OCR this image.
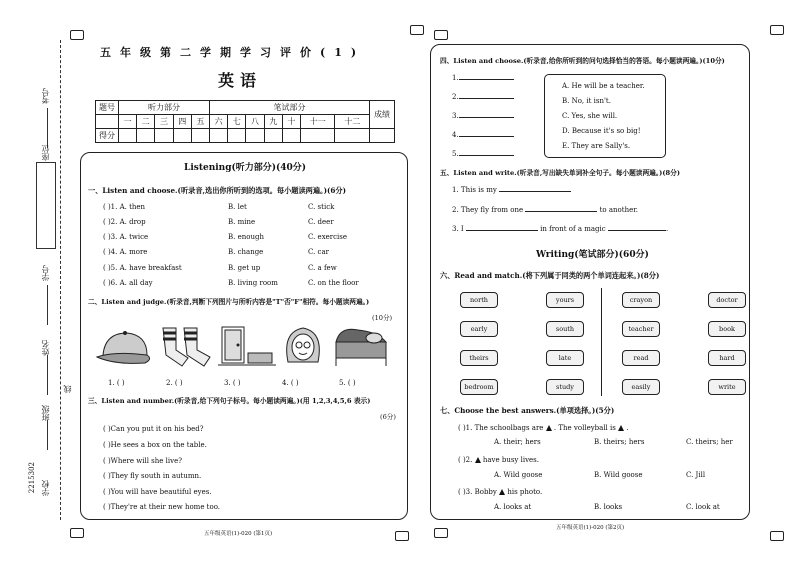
考号
座位
学号
姓名
班级
学校
线
2215302
五年级第二学期学习评价(1)
英语
题号	听力部分					笔试部分							成绩
	一	二	三	四	五	六	七	八	九	十	十一	十二	
得分													
Listening(听力部分)(40分)
一、Listen and choose.(听录音,选出你所听到的选项。每小题读两遍。)(6分)
( )1. A. then	B. let	C. stick
( )2. A. drop	B. mine	C. deer
( )3. A. twice	B. enough	C. exercise
( )4. A. more	B. change	C. car
( )5. A. have breakfast	B. get up	C. a few
( )6. A. all day	B. living room	C. on the floor
二、Listen and judge.(听录音,判断下列图片与所听内容是"T"否"F"相符。每小题读两遍。)
(10分)
1. ( )	2. ( )	3. ( )	4. ( )	5. ( )
三、Listen and number.(听录音,给下列句子标号。每小题读两遍。)(用 1,2,3,4,5,6 表示)
(6分)
( )Can you put it on his bed?
( )He sees a box on the table.
( )Where will she live?
( )They fly south in autumn.
( )You will have beautiful eyes.
( )They're at their new home too.
五年级英语(1)-020 (第1页)
四、Listen and choose.(听录音,给你所听到的问句选择恰当的答语。每小题读两遍。)(10分)
1.
2.
3.
4.
5.
A. He will be a teacher.
B. No, it isn't.
C. Yes, she will.
D. Because it's so big!
E. They are Sally's.
五、Listen and write.(听录音,写出缺失单词补全句子。每小题读两遍。)(8分)
1. This is my
2. They fly from one	to another.
3. I	in front of a magic	.
Writing(笔试部分)(60分)
六、Read and match.(将下列属于同类的两个单词连起来。)(8分)
north
early
theirs
bedroom
yours
south
late
study
crayon
teacher
read
easily
doctor
book
hard
write
七、Choose the best answers.(单项选择。)(5分)
( )1. The schoolbags are . The volleyball is  .
A. their; hers	B. theirs; hers	C. theirs; her
( )2. have busy lives.
A. Wild goose	B. Wild goose	C. Jill
( )3. Bobby his photo.
A. looks at	B. looks	C. look at
五年级英语(1)-020 (第2页)
